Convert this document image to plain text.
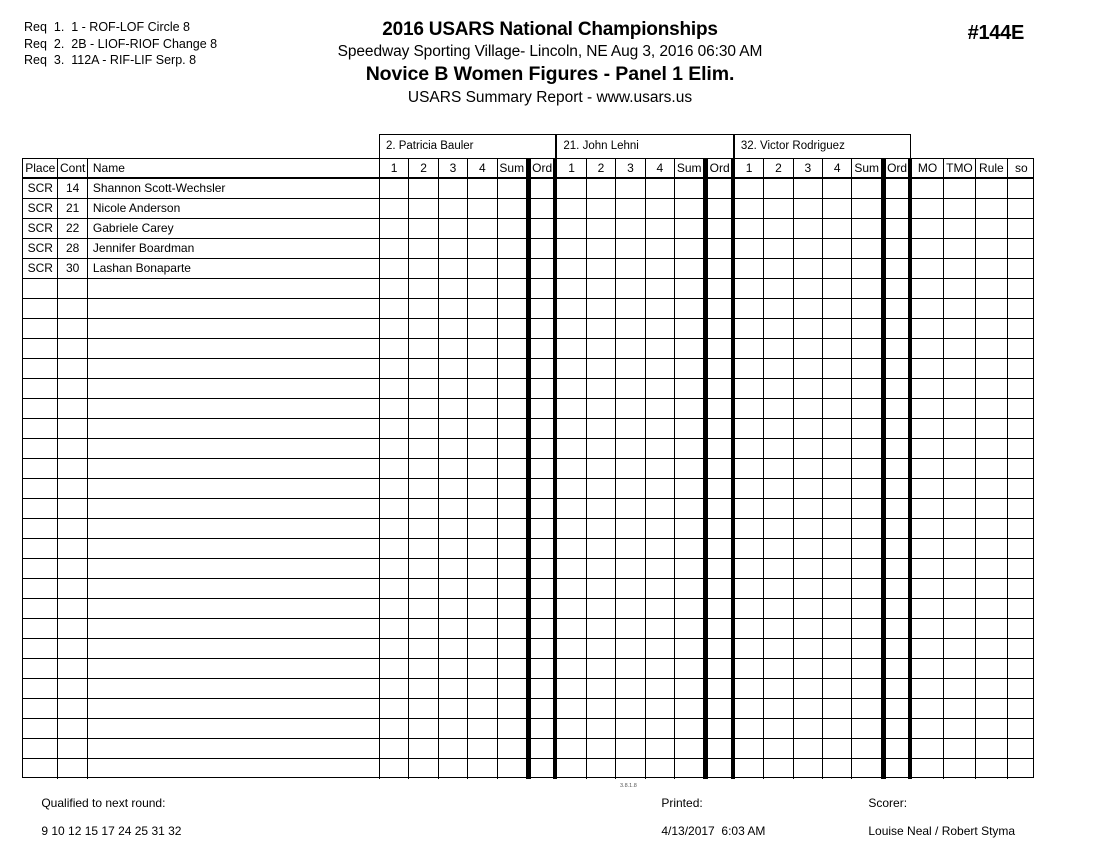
Req  1.  1 - ROF-LOF Circle 8
Req  2.  2B - LIOF-RIOF Change 8
Req  3.  112A - RIF-LIF Serp. 8
2016 USARS National Championships
Speedway Sporting Village- Lincoln, NE Aug 3, 2016 06:30 AM
Novice B Women Figures - Panel 1 Elim.
USARS Summary Report - www.usars.us
#144E
2. Patricia Bauler	21. John Lehni	32. Victor Rodriguez
Place Cont Name	1	2	3	4	Sum Ord	1	2	3	4	Sum Ord	1	2	3	4	Sum Ord MO TMO Rule so
SCR	14	Shannon Scott-Wechsler
SCR	21	Nicole Anderson
SCR	22	Gabriele Carey
SCR	28	Jennifer Boardman
SCR	30	Lashan Bonaparte

Qualified to next round:

9 10 12 15 17 24 25 31 32

3.8.1.8

Printed:

4/13/2017  6:03 AM

Scorer:

Louise Neal / Robert Styma
